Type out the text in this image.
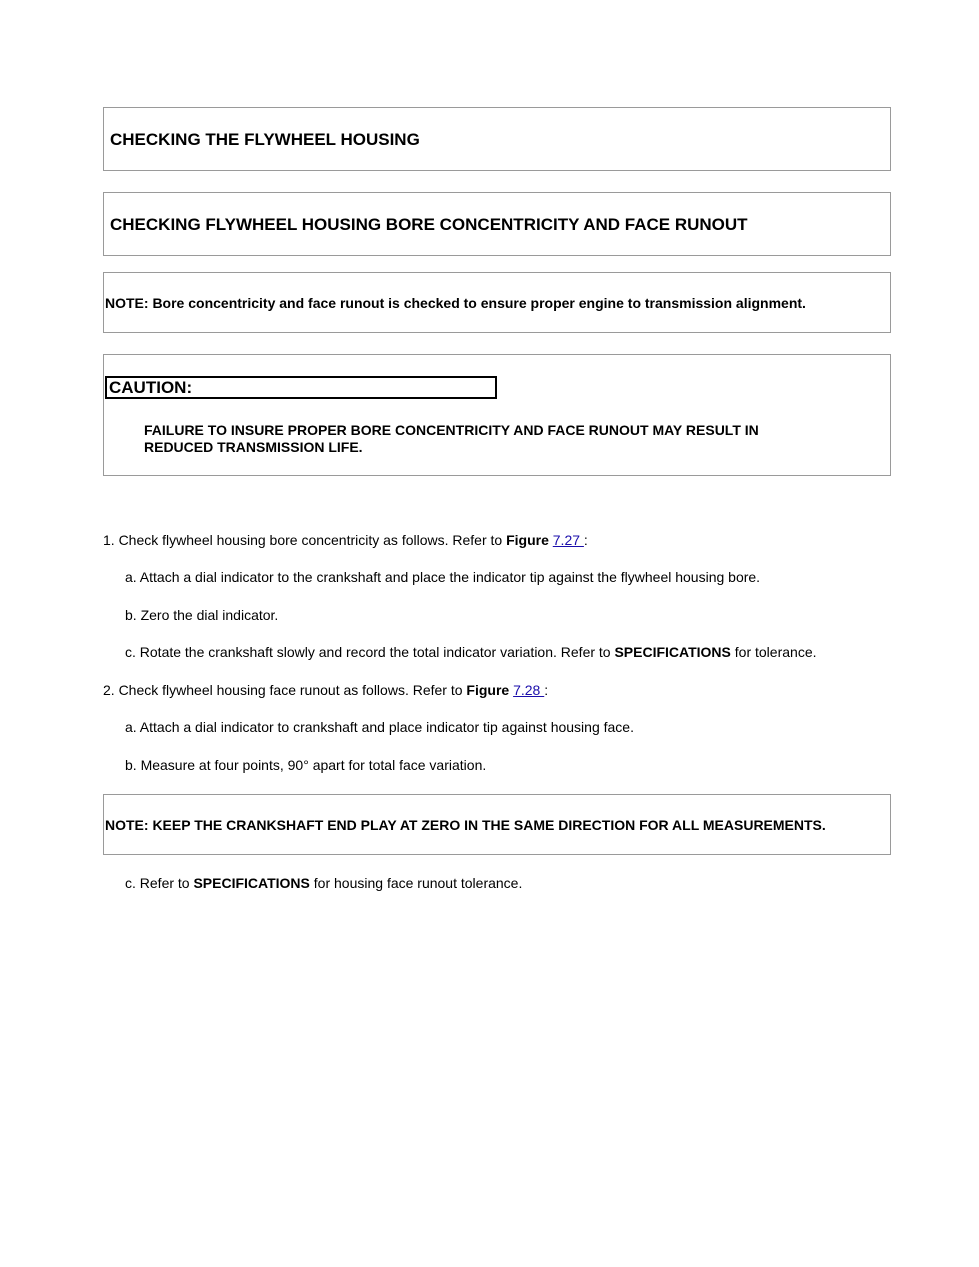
CHECKING THE FLYWHEEL HOUSING
CHECKING FLYWHEEL HOUSING BORE CONCENTRICITY AND FACE RUNOUT
NOTE: Bore concentricity and face runout is checked to ensure proper engine to transmission alignment.
CAUTION:
FAILURE TO INSURE PROPER BORE CONCENTRICITY AND FACE RUNOUT MAY RESULT IN
REDUCED TRANSMISSION LIFE.
1. Check flywheel housing bore concentricity as follows. Refer to Figure 7.27 :
a. Attach a dial indicator to the crankshaft and place the indicator tip against the flywheel housing bore.
b. Zero the dial indicator.
c. Rotate the crankshaft slowly and record the total indicator variation. Refer to SPECIFICATIONS for tolerance.
2. Check flywheel housing face runout as follows. Refer to Figure 7.28 :
a. Attach a dial indicator to crankshaft and place indicator tip against housing face.
b. Measure at four points, 90° apart for total face variation.
NOTE: KEEP THE CRANKSHAFT END PLAY AT ZERO IN THE SAME DIRECTION FOR ALL MEASUREMENTS.
c. Refer to SPECIFICATIONS for housing face runout tolerance.
